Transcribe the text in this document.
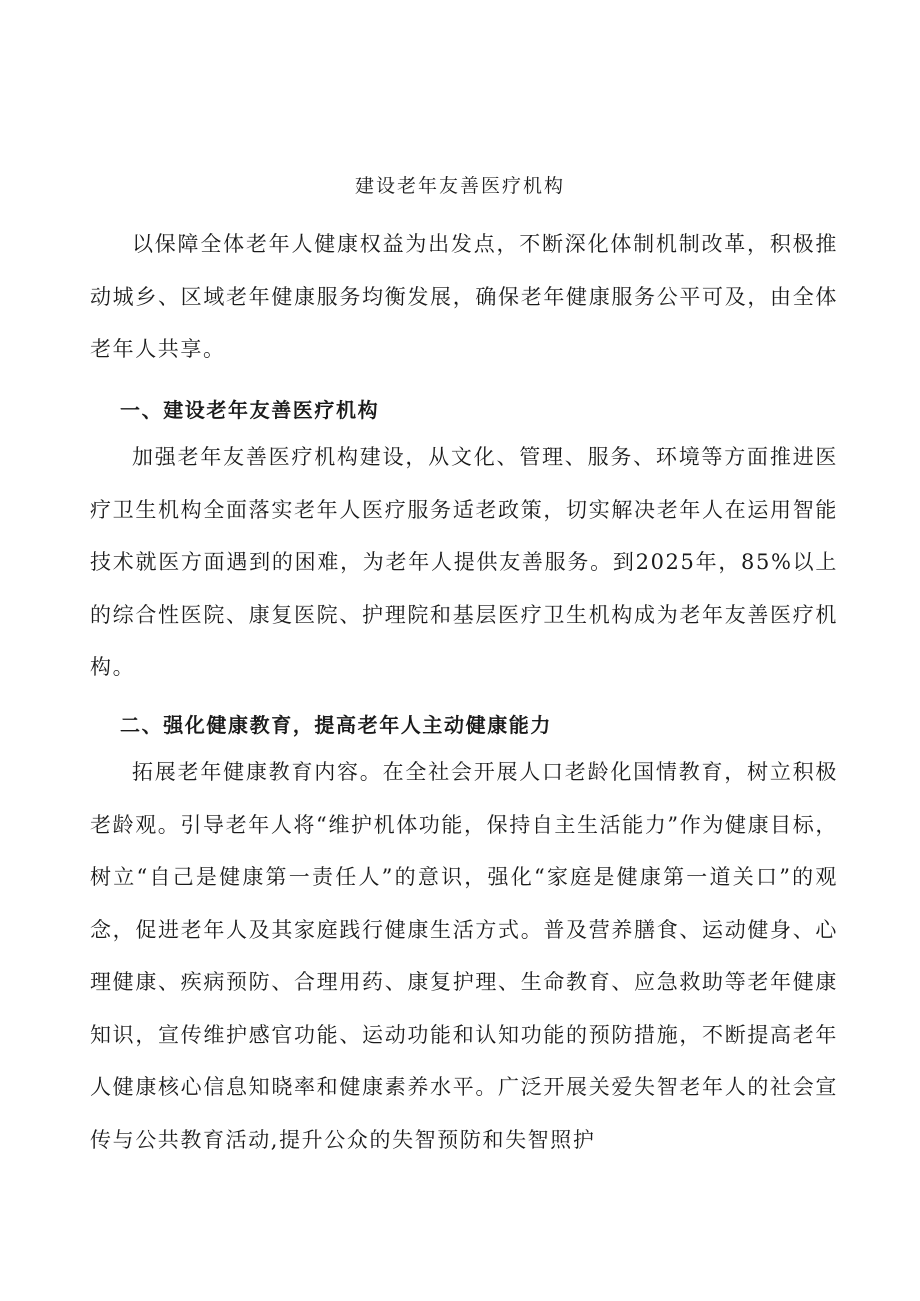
建设老年友善医疗机构

以保障全体老年人健康权益为出发点，不断深化体制机制改革，积极推动城乡、区域老年健康服务均衡发展，确保老年健康服务公平可及，由全体老年人共享。

一、建设老年友善医疗机构

加强老年友善医疗机构建设，从文化、管理、服务、环境等方面推进医疗卫生机构全面落实老年人医疗服务适老政策，切实解决老年人在运用智能技术就医方面遇到的困难，为老年人提供友善服务。到2025年，85%以上的综合性医院、康复医院、护理院和基层医疗卫生机构成为老年友善医疗机构。

二、强化健康教育，提高老年人主动健康能力

拓展老年健康教育内容。在全社会开展人口老龄化国情教育，树立积极老龄观。引导老年人将“维护机体功能，保持自主生活能力”作为健康目标，树立“自己是健康第一责任人”的意识，强化“家庭是健康第一道关口”的观念，促进老年人及其家庭践行健康生活方式。普及营养膳食、运动健身、心理健康、疾病预防、合理用药、康复护理、生命教育、应急救助等老年健康知识，宣传维护感官功能、运动功能和认知功能的预防措施，不断提高老年人健康核心信息知晓率和健康素养水平。广泛开展关爱失智老年人的社会宣传与公共教育活动,提升公众的失智预防和失智照护
